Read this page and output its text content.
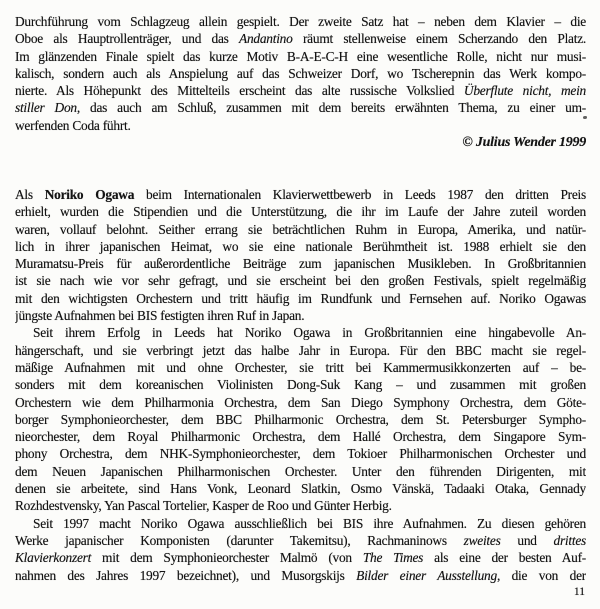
Durchführung vom Schlagzeug allein gespielt. Der zweite Satz hat – neben dem Klavier – die
Oboe als Hauptrollenträger, und das Andantino räumt stellenweise einem Scherzando den Platz.
Im glänzenden Finale spielt das kurze Motiv B-A-E-C-H eine wesentliche Rolle, nicht nur musi-
kalisch, sondern auch als Anspielung auf das Schweizer Dorf, wo Tscherepnin das Werk kompo-
nierte. Als Höhepunkt des Mittelteils erscheint das alte russische Volkslied Überflute nicht, mein
stiller Don, das auch am Schluß, zusammen mit dem bereits erwähnten Thema, zu einer um-
werfenden Coda führt.
© Julius Wender 1999
Als Noriko Ogawa beim Internationalen Klavierwettbewerb in Leeds 1987 den dritten Preis
erhielt, wurden die Stipendien und die Unterstützung, die ihr im Laufe der Jahre zuteil worden
waren, vollauf belohnt. Seither errang sie beträchtlichen Ruhm in Europa, Amerika, und natür-
lich in ihrer japanischen Heimat, wo sie eine nationale Berühmtheit ist. 1988 erhielt sie den
Muramatsu-Preis für außerordentliche Beiträge zum japanischen Musikleben. In Großbritannien
ist sie nach wie vor sehr gefragt, und sie erscheint bei den großen Festivals, spielt regelmäßig
mit den wichtigsten Orchestern und tritt häufig im Rundfunk und Fernsehen auf. Noriko Ogawas
jüngste Aufnahmen bei BIS festigten ihren Ruf in Japan.
Seit ihrem Erfolg in Leeds hat Noriko Ogawa in Großbritannien eine hingabevolle An-
hängerschaft, und sie verbringt jetzt das halbe Jahr in Europa. Für den BBC macht sie regel-
mäßige Aufnahmen mit und ohne Orchester, sie tritt bei Kammermusikkonzerten auf – be-
sonders mit dem koreanischen Violinisten Dong-Suk Kang – und zusammen mit großen
Orchestern wie dem Philharmonia Orchestra, dem San Diego Symphony Orchestra, dem Göte-
borger Symphonieorchester, dem BBC Philharmonic Orchestra, dem St. Petersburger Sympho-
nieorchester, dem Royal Philharmonic Orchestra, dem Hallé Orchestra, dem Singapore Sym-
phony Orchestra, dem NHK-Symphonieorchester, dem Tokioer Philharmonischen Orchester und
dem Neuen Japanischen Philharmonischen Orchester. Unter den führenden Dirigenten, mit
denen sie arbeitete, sind Hans Vonk, Leonard Slatkin, Osmo Vänskä, Tadaaki Otaka, Gennady
Rozhdestvensky, Yan Pascal Tortelier, Kasper de Roo und Günter Herbig.
Seit 1997 macht Noriko Ogawa ausschließlich bei BIS ihre Aufnahmen. Zu diesen gehören
Werke japanischer Komponisten (darunter Takemitsu), Rachmaninows zweites und drittes
Klavierkonzert mit dem Symphonieorchester Malmö (von The Times als eine der besten Auf-
nahmen des Jahres 1997 bezeichnet), und Musorgskijs Bilder einer Ausstellung, die von der
11
